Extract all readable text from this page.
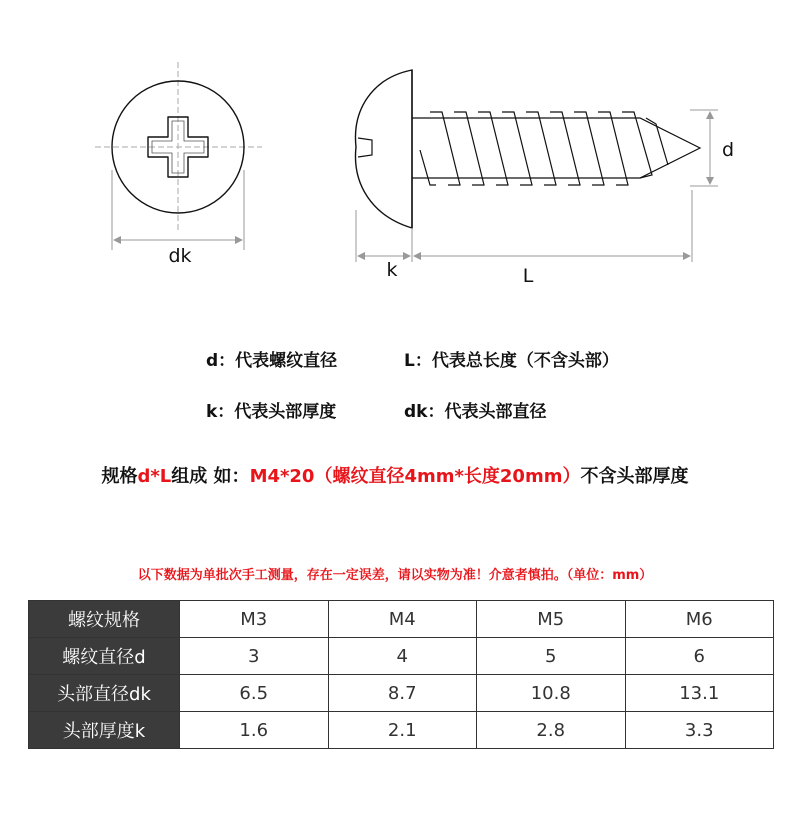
dk
d
k	L
d：代表螺纹直径	L：代表总长度（不含头部）
k：代表头部厚度	dk：代表头部直径
规格d*L组成 如：M4*20（螺纹直径4mm*长度20mm）不含头部厚度
以下数据为单批次手工测量，存在一定误差，请以实物为准！介意者慎拍。（单位：mm）
螺纹规格	M3	M4	M5	M6
螺纹直径d	3	4	5	6
头部直径dk	6.5	8.7	10.8	13.1
头部厚度k	1.6	2.1	2.8	3.3
